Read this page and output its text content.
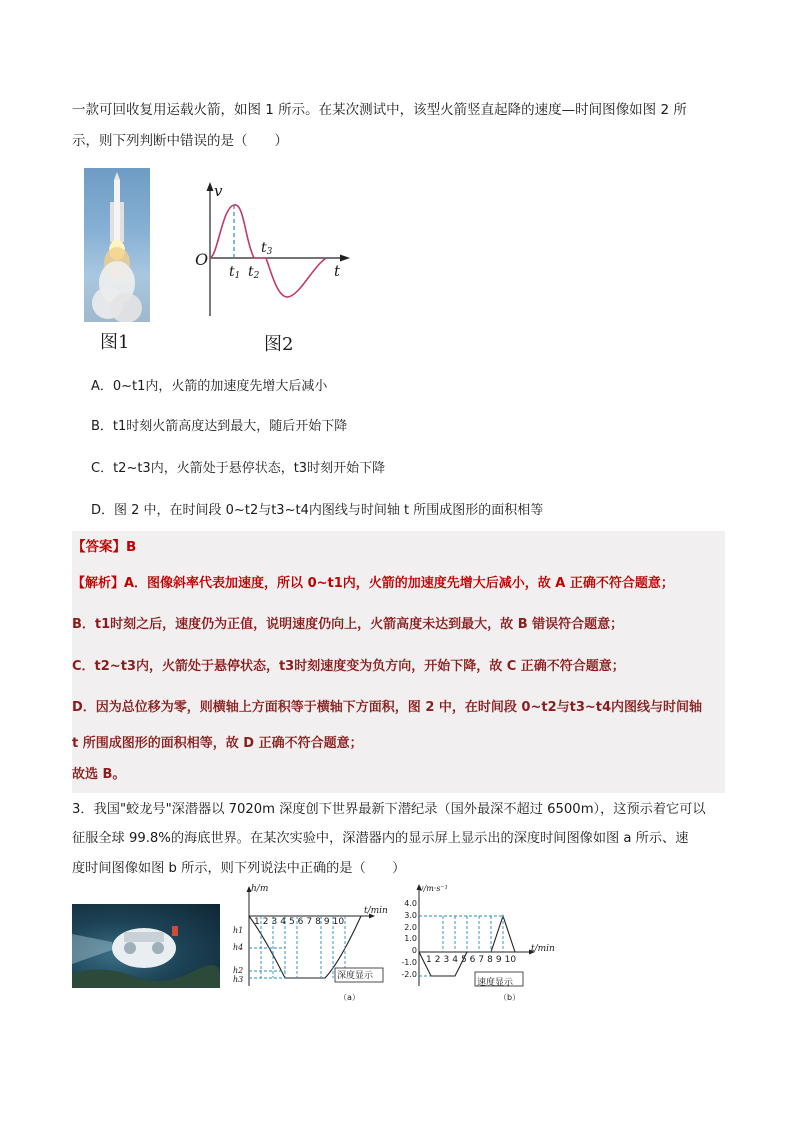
一款可回收复用运载火箭，如图 1 所示。在某次测试中，该型火箭竖直起降的速度—时间图像如图 2 所
示，则下列判断中错误的是（　　）
图1
v
t
O
$t_1$ $t_2$
$t_3$
图2
A．0~t1内，火箭的加速度先增大后减小
B．t1时刻火箭高度达到最大，随后开始下降
C．t2~t3内，火箭处于悬停状态，t3时刻开始下降
D．图 2 中，在时间段 0~t2与t3~t4内图线与时间轴 t 所围成图形的面积相等
【答案】B
【解析】A．图像斜率代表加速度，所以 0~t1内，火箭的加速度先增大后减小，故 A 正确不符合题意；
B．t1时刻之后，速度仍为正值，说明速度仍向上，火箭高度未达到最大，故 B 错误符合题意；
C．t2~t3内，火箭处于悬停状态，t3时刻速度变为负方向，开始下降，故 C 正确不符合题意；
D．因为总位移为零，则横轴上方面积等于横轴下方面积，图 2 中，在时间段 0~t2与t3~t4内图线与时间轴
t 所围成图形的面积相等，故 D 正确不符合题意；
故选 B。
3．我国"蛟龙号"深潜器以 7020m 深度创下世界最新下潜纪录（国外最深不超过 6500m），这预示着它可以
征服全球 99.8%的海底世界。在某次实验中，深潜器内的显示屏上显示出的深度时间图像如图 a 所示、速
度时间图像如图 b 所示，则下列说法中正确的是（　　）
h/m
t/min
深度显示
（a）
1 2 3 4 5 6 7 8 9 10
h1
h4
h2
h3
v/m·s⁻¹
t/min
速度显示
（b）
1 2 3 4 5 6 7 8 9 10
4.0
3.0
2.0
1.0
0
-1.0
-2.0
